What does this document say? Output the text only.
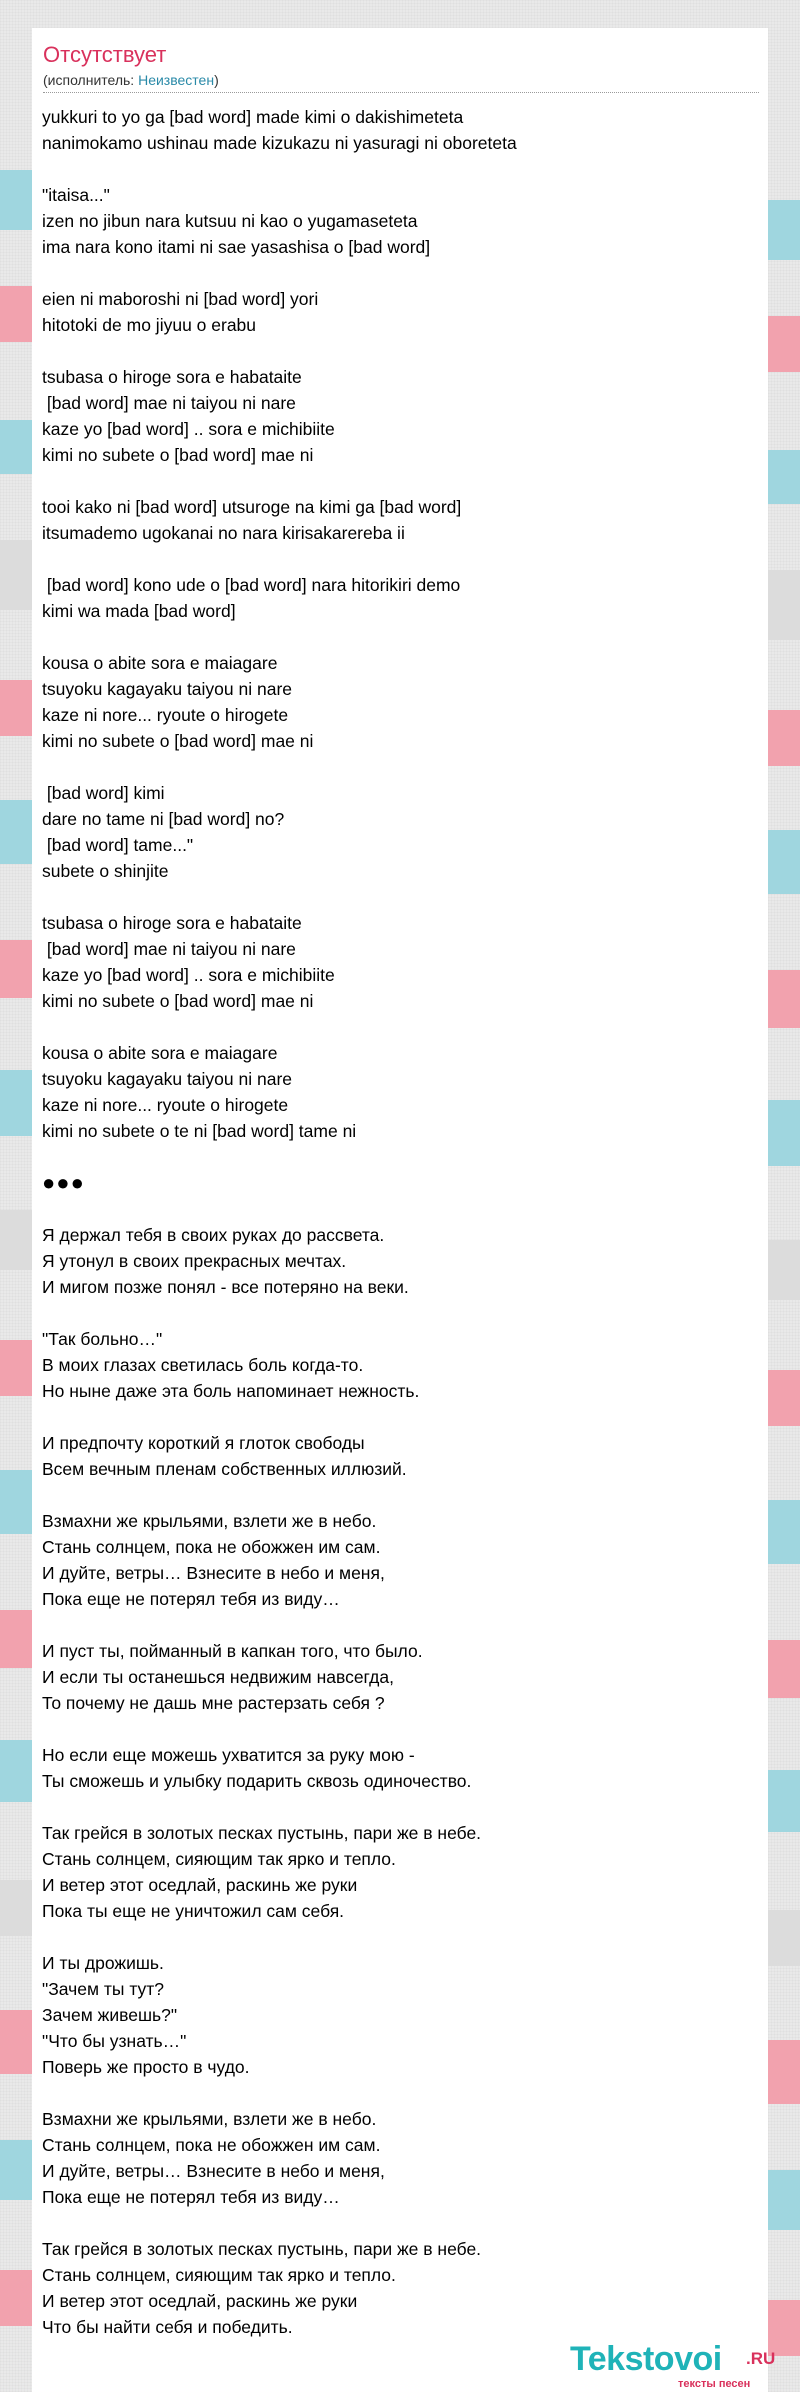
Отсутствует
(исполнитель: Неизвестен)
yukkuri to yo ga [bad word] made kimi o dakishimeteta
nanimokamo ushinau made kizukazu ni yasuragi ni oboreteta
"itaisa..."
izen no jibun nara kutsuu ni kao o yugamaseteta
ima nara kono itami ni sae yasashisa o [bad word]
eien ni maboroshi ni [bad word] yori
hitotoki de mo jiyuu o erabu
tsubasa o hiroge sora e habataite
[bad word] mae ni taiyou ni nare
kaze yo [bad word] .. sora e michibiite
kimi no subete o [bad word] mae ni
tooi kako ni [bad word] utsuroge na kimi ga [bad word]
itsumademo ugokanai no nara kirisakarereba ii
[bad word] kono ude o [bad word] nara hitorikiri demo
kimi wa mada [bad word]
kousa o abite sora e maiagare
tsuyoku kagayaku taiyou ni nare
kaze ni nore... ryoute o hirogete
kimi no subete o [bad word] mae ni
[bad word] kimi
dare no tame ni [bad word] no?
[bad word] tame..."
subete o shinjite
tsubasa o hiroge sora e habataite
[bad word] mae ni taiyou ni nare
kaze yo [bad word] .. sora e michibiite
kimi no subete o [bad word] mae ni
kousa o abite sora e maiagare
tsuyoku kagayaku taiyou ni nare
kaze ni nore... ryoute o hirogete
kimi no subete o te ni [bad word] tame ni
●●●
Я держал тебя в своих руках до рассвета.
Я утонул в своих прекрасных мечтах.
И мигом позже понял - все потеряно на веки.
"Так больно…"
В моих глазах светилась боль когда-то.
Но ныне даже эта боль напоминает нежность.
И предпочту короткий я глоток свободы
Всем вечным пленам собственных иллюзий.
Взмахни же крыльями, взлети же в небо.
Стань солнцем, пока не обожжен им сам.
И дуйте, ветры… Взнесите в небо и меня,
Пока еще не потерял тебя из виду…
И пуст ты, пойманный в капкан того, что было.
И если ты останешься недвижим навсегда,
То почему не дашь мне растерзать себя ?
Но если еще можешь ухватится за руку мою -
Ты сможешь и улыбку подарить сквозь одиночество.
Так грейся в золотых песках пустынь, пари же в небе.
Стань солнцем, сияющим так ярко и тепло.
И ветер этот оседлай, раскинь же руки
Пока ты еще не уничтожил сам себя.
И ты дрожишь.
"Зачем ты тут?
Зачем живешь?"
"Что бы узнать…"
Поверь же просто в чудо.
Взмахни же крыльями, взлети же в небо.
Стань солнцем, пока не обожжен им сам.
И дуйте, ветры… Взнесите в небо и меня,
Пока еще не потерял тебя из виду…
Так грейся в золотых песках пустынь, пари же в небе.
Стань солнцем, сияющим так ярко и тепло.
И ветер этот оседлай, раскинь же руки
Что бы найти себя и победить.
Tekstovoi .RU
тексты песен
